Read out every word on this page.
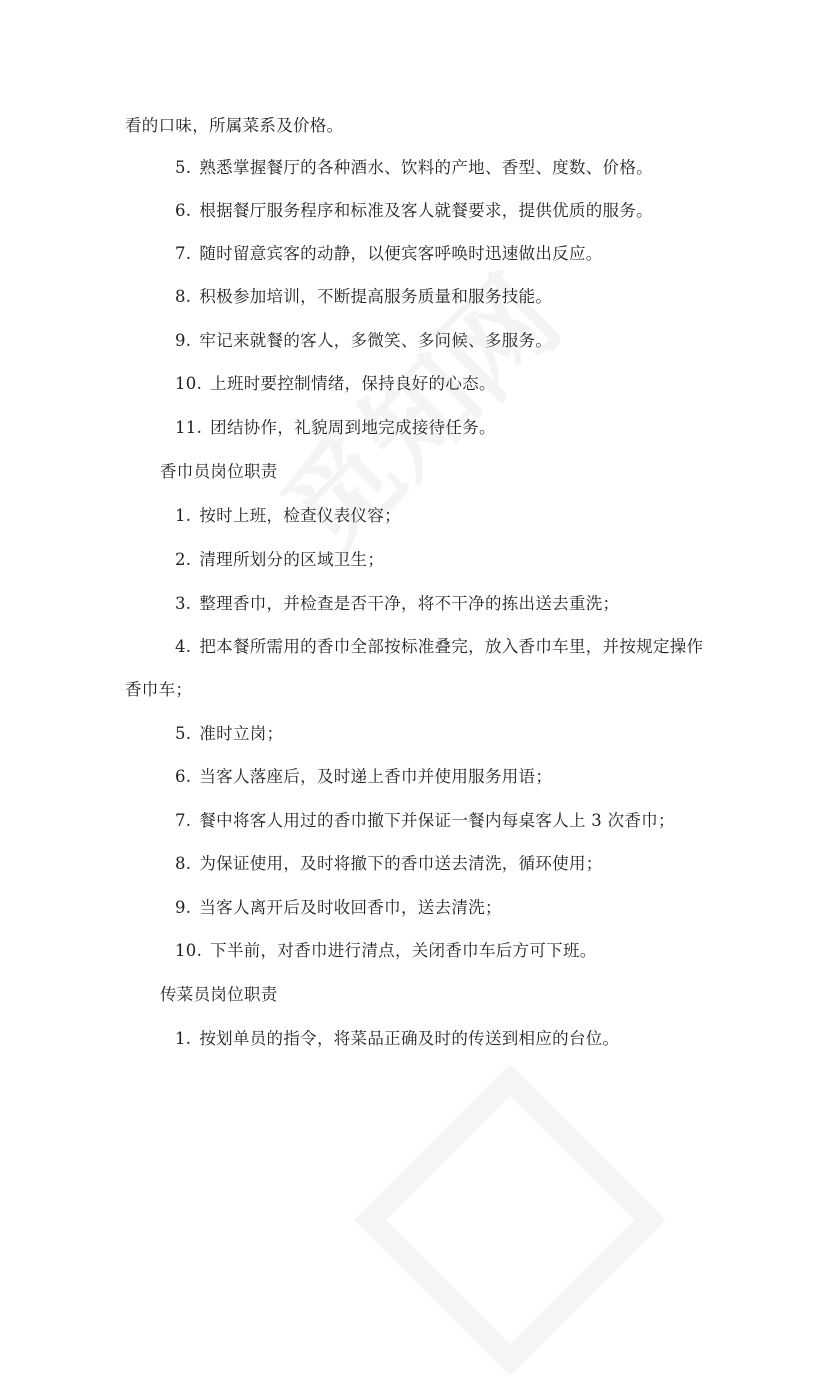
看的口味，所属菜系及价格。
5. 熟悉掌握餐厅的各种酒水、饮料的产地、香型、度数、价格。
6. 根据餐厅服务程序和标准及客人就餐要求，提供优质的服务。
7. 随时留意宾客的动静，以便宾客呼唤时迅速做出反应。
8. 积极参加培训，不断提高服务质量和服务技能。
9. 牢记来就餐的客人，多微笑、多问候、多服务。
10. 上班时要控制情绪，保持良好的心态。
11. 团结协作，礼貌周到地完成接待任务。
香巾员岗位职责
1. 按时上班，检查仪表仪容；
2. 清理所划分的区域卫生；
3. 整理香巾，并检查是否干净，将不干净的拣出送去重洗；
4. 把本餐所需用的香巾全部按标准叠完，放入香巾车里，并按规定操作
香巾车；
5. 准时立岗；
6. 当客人落座后，及时递上香巾并使用服务用语；
7. 餐中将客人用过的香巾撤下并保证一餐内每桌客人上 3 次香巾；
8. 为保证使用，及时将撤下的香巾送去清洗，循环使用；
9. 当客人离开后及时收回香巾，送去清洗；
10. 下半前，对香巾进行清点，关闭香巾车后方可下班。
传菜员岗位职责
1. 按划单员的指令，将菜品正确及时的传送到相应的台位。
